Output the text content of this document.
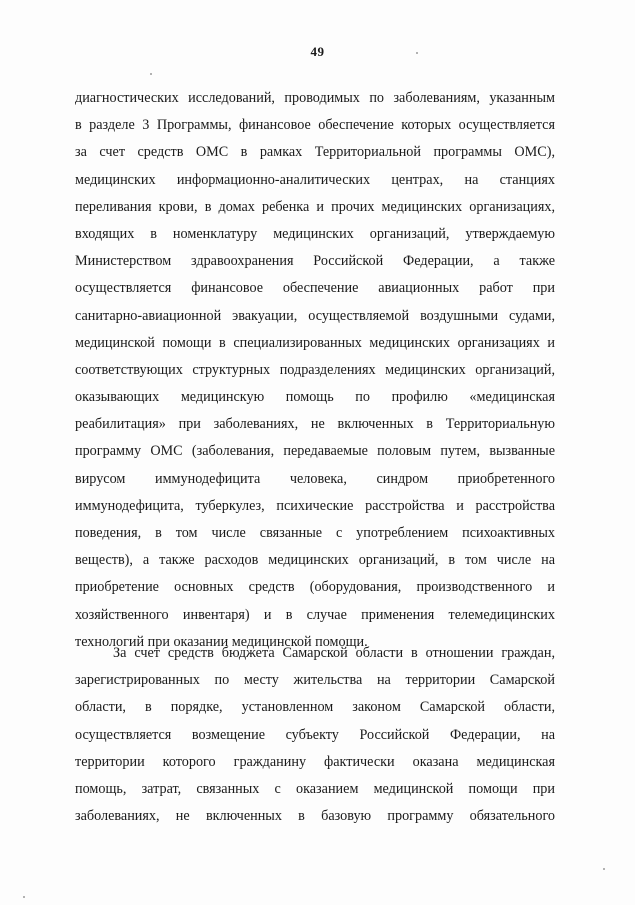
49
диагностических исследований, проводимых по заболеваниям, указанным
в разделе 3 Программы, финансовое обеспечение которых осуществляется
за счет средств ОМС в рамках Территориальной программы ОМС),
медицинских информационно-аналитических центрах, на станциях
переливания крови, в домах ребенка и прочих медицинских организациях,
входящих в номенклатуру медицинских организаций, утверждаемую
Министерством здравоохранения Российской Федерации, а также
осуществляется финансовое обеспечение авиационных работ при
санитарно-авиационной эвакуации, осуществляемой воздушными судами,
медицинской помощи в специализированных медицинских организациях и
соответствующих структурных подразделениях медицинских организаций,
оказывающих медицинскую помощь по профилю «медицинская
реабилитация» при заболеваниях, не включенных в Территориальную
программу ОМС (заболевания, передаваемые половым путем, вызванные
вирусом иммунодефицита человека, синдром приобретенного
иммунодефицита, туберкулез, психические расстройства и расстройства
поведения, в том числе связанные с употреблением психоактивных
веществ), а также расходов медицинских организаций, в том числе на
приобретение основных средств (оборудования, производственного и
хозяйственного инвентаря) и в случае применения телемедицинских
технологий при оказании медицинской помощи.
За счет средств бюджета Самарской области в отношении граждан,
зарегистрированных по месту жительства на территории Самарской
области, в порядке, установленном законом Самарской области,
осуществляется возмещение субъекту Российской Федерации, на
территории которого гражданину фактически оказана медицинская
помощь, затрат, связанных с оказанием медицинской помощи при
заболеваниях, не включенных в базовую программу обязательного
